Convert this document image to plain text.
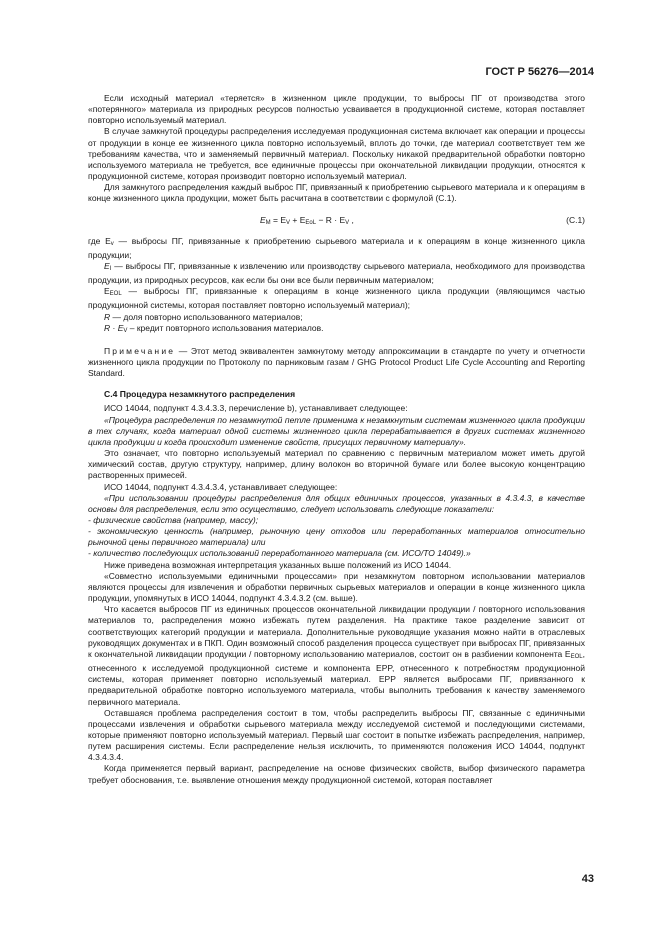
ГОСТ Р 56276—2014

Если исходный материал «теряется» в жизненном цикле продукции, то выбросы ПГ от производства этого «потерянного» материала из природных ресурсов полностью усваивается в продукционной системе, которая поставляет повторно используемый материал.

В случае замкнутой процедуры распределения исследуемая продукционная система включает как операции и процессы от продукции в конце ее жизненного цикла повторно используемый, вплоть до точки, где материал соответствует тем же требованиям качества, что и заменяемый первичный материал. Поскольку никакой предварительной обработки повторно используемого материала не требуется, все единичные процессы при окончательной ликвидации продукции, относятся к продукционной системе, которая производит повторно используемый материал.

Для замкнутого распределения каждый выброс ПГ, привязанный к приобретению сырьевого материала и к операциям в конце жизненного цикла продукции, может быть расчитана в соответствии с формулой (С.1).

EM = EV + EEoL − R · EV ,	(С.1)

где Ev — выбросы ПГ, привязанные к приобретению сырьевого материала и к операциям в конце жизненного цикла продукции;

EI — выбросы ПГ, привязанные к извлечению или производству сырьевого материала, необходимого для производства продукции, из природных ресурсов, как если бы они все были первичным материалом;

EEOL — выбросы ПГ, привязанные к операциям в конце жизненного цикла продукции (являющимся частью продукционной системы, которая поставляет повторно используемый материал);

R — доля повторно использованного материалов;

R · EV – кредит повторного использования материалов.

Примечание — Этот метод эквивалентен замкнутому методу аппроксимации в стандарте по учету и отчетности жизненного цикла продукции по Протоколу по парниковым газам / GHG Protocol Product Life Cycle Accounting and Reporting Standard.

С.4 Процедура незамкнутого распределения

ИСО 14044, подпункт 4.3.4.3.3, перечисление b), устанавливает следующее:

«Процедура распределения по незамкнутой петле применима к незамкнутым системам жизненного цикла продукции в тех случаях, когда материал одной системы жизненного цикла перерабатывается в других системах жизненного цикла продукции и когда происходит изменение свойств, присущих первичному материалу».

Это означает, что повторно используемый материал по сравнению с первичным материалом может иметь другой химический состав, другую структуру, например, длину волокон во вторичной бумаге или более высокую концентрацию растворенных примесей.

ИСО 14044, подпункт 4.3.4.3.4, устанавливает следующее:

«При использовании процедуры распределения для общих единичных процессов, указанных в 4.3.4.3, в качестве основы для распределения, если это осуществимо, следует использовать следующие показатели:

- физические свойства (например, массу);

- экономическую ценность (например, рыночную цену отходов или переработанных материалов относительно рыночной цены первичного материала) или

- количество последующих использований переработанного материала (см. ИСО/ТО 14049).»

Ниже приведена возможная интерпретация указанных выше положений из ИСО 14044.

«Совместно используемыми единичными процессами» при незамкнутом повторном использовании материалов являются процессы для извлечения и обработки первичных сырьевых материалов и операции в конце жизненного цикла продукции, упомянутых в ИСО 14044, подпункт 4.3.4.3.2 (см. выше).

Что касается выбросов ПГ из единичных процессов окончательной ликвидации продукции / повторного использования материалов то, распределения можно избежать путем разделения. На практике такое разделение зависит от соответствующих категорий продукции и материала. Дополнительные руководящие указания можно найти в отраслевых руководящих документах и в ПКП. Один возможный способ разделения процесса существует при выбросах ПГ, привязанных к окончательной ликвидации продукции / повторному использованию материалов, состоит он в разбиении компонента EEOL, отнесенного к исследуемой продукционной системе и компонента EPP, отнесенного к потребностям продукционной системы, которая применяет повторно используемый материал. EPP является выбросами ПГ, привязанного к предварительной обработке повторно используемого материала, чтобы выполнить требования к качеству заменяемого первичного материала.

Оставшаяся проблема распределения состоит в том, чтобы распределить выбросы ПГ, связанные с единичными процессами извлечения и обработки сырьевого материала между исследуемой системой и последующими системами, которые применяют повторно используемый материал. Первый шаг состоит в попытке избежать распределения, например, путем расширения системы. Если распределение нельзя исключить, то применяются положения ИСО 14044, подпункт 4.3.4.3.4.

Когда применяется первый вариант, распределение на основе физических свойств, выбор физического параметра требует обоснования, т.е. выявление отношения между продукционной системой, которая поставляет

43
